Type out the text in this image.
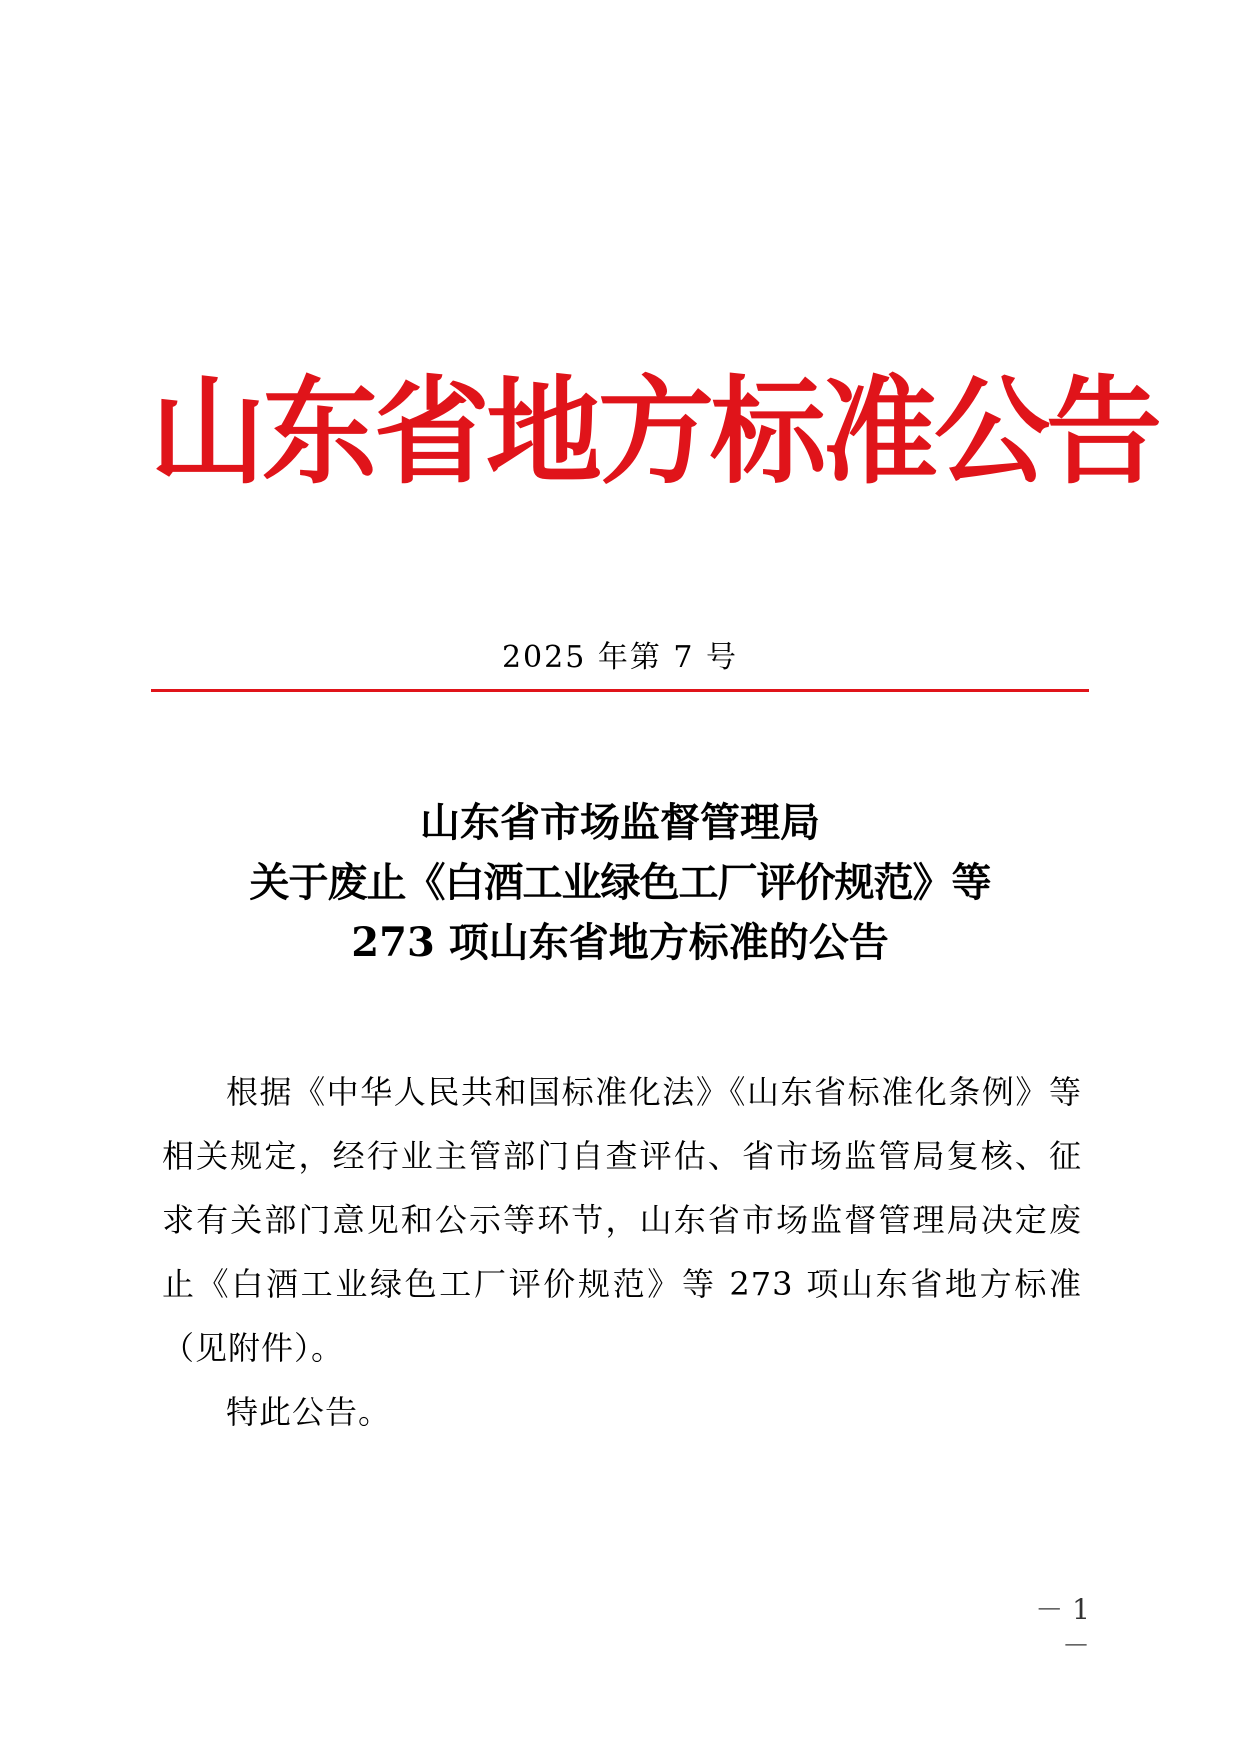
山东省地方标准公告
2025 年第 7 号
山东省市场监督管理局
关于废止《白酒工业绿色工厂评价规范》等
273 项山东省地方标准的公告

根据《中华人民共和国标准化法》《山东省标准化条例》等相关规定，经行业主管部门自查评估、省市场监管局复核、征求有关部门意见和公示等环节，山东省市场监督管理局决定废止《白酒工业绿色工厂评价规范》等 273 项山东省地方标准（见附件）。

特此公告。

－ 1 －
